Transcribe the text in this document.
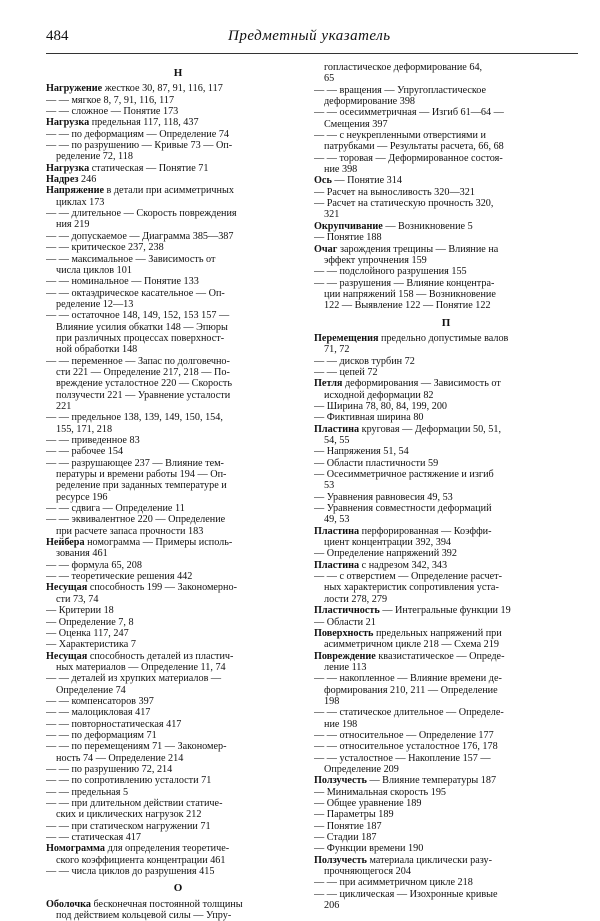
484	Предметный указатель
Н
Нагружение жесткое 30, 87, 91, 116, 117
— — мягкое 8, 7, 91, 116, 117
— — сложное — Понятие 173
Нагрузка предельная 117, 118, 437
— — по деформациям — Определение 74
— — по разрушению — Кривые 73 — Оп-
ределение 72, 118
Нагрузка статическая — Понятие 71
Надрез 246
Напряжение в детали при асимметричных
циклах 173
— — длительное — Скорость повреждения
ния 219
— — допускаемое — Диаграмма 385—387
— — критическое 237, 238
— — максимальное — Зависимость от
числа циклов 101
— — номинальное — Понятие 133
— — октаэдрическое касательное — Оп-
ределение 12—13
— — остаточное 148, 149, 152, 153 157 —
Влияние усилия обкатки 148 — Эпюры
при различных процессах поверхност-
ной обработки 148
— — переменное — Запас по долговечно-
сти 221 — Определение 217, 218 — По-
вреждение усталостное 220 — Скорость
ползучести 221 — Уравнение усталости
221
— — предельное 138, 139, 149, 150, 154,
155, 171, 218
— — приведенное 83
— — рабочее 154
— — разрушающее 237 — Влияние тем-
пературы и времени работы 194 — Оп-
ределение при заданных температуре и
ресурсе 196
— — сдвига — Определение 11
— — эквивалентное 220 — Определение
при расчете запаса прочности 183
Нейбера номограмма — Примеры исполь-
зования 461
— — формула 65, 208
— — теоретические решения 442
Несущая способность 199 — Закономерно-
сти 73, 74
— Критерии 18
— Определение 7, 8
— Оценка 117, 247
— Характеристика 7
Несущая способность деталей из пластич-
ных материалов — Определение 11, 74
— — деталей из хрупких материалов —
Определение 74
— — компенсаторов 397
— — малоцикловая 417
— — повторностатическая 417
— — по деформациям 71
— — по перемещениям 71 — Закономер-
ность 74 — Определение 214
— — по разрушению 72, 214
— — по сопротивлению усталости 71
— — предельная 5
— — при длительном действии статиче-
ских и циклических нагрузок 212
— — при статическом нагружении 71
— — статическая 417
Номограмма для определения теоретиче-
ского коэффициента концентрации 461
— — числа циклов до разрушения 415
О
Оболочка бесконечная постоянной толщины
под действием кольцевой силы — Упру-
гопластическое деформирование 64,
65
— — вращения — Упругопластическое
деформирование 398
— — осесимметричная — Изгиб 61—64 —
Смещения 397
— — с неукрепленными отверстиями и
патрубками — Результаты расчета, 66, 68
— — торовая — Деформированное состоя-
ние 398
Ось — Понятие 314
— Расчет на выносливость 320—321
— Расчет на статическую прочность 320,
321
Окрупчивание — Возникновение 5
— Понятие 188
Очаг зарождения трещины — Влияние на
эффект упрочнения 159
— — подслойного разрушения 155
— — разрушения — Влияние концентра-
ции напряжений 158 — Возникновение
122 — Выявление 122 — Понятие 122
П
Перемещения предельно допустимые валов
71, 72
— — дисков турбин 72
— — цепей 72
Петля деформирования — Зависимость от
исходной деформации 82
— Ширина 78, 80, 84, 199, 200
— Фиктивная ширина 80
Пластина круговая — Деформации 50, 51,
54, 55
— Напряжения 51, 54
— Области пластичности 59
— Осесимметричное растяжение и изгиб
53
— Уравнения равновесия 49, 53
— Уравнения совместности деформаций
49, 53
Пластина перфорированная — Коэффи-
циент концентрации 392, 394
— Определение напряжений 392
Пластина с надрезом 342, 343
— — с отверстием — Определение расчет-
ных характеристик сопротивления уста-
лости 278, 279
Пластичность — Интегральные функции 19
— Области 21
Поверхность предельных напряжений при
асимметричном цикле 218 — Схема 219
Повреждение квазистатическое — Опреде-
ление 113
— — накопленное — Влияние времени де-
формирования 210, 211 — Определение
198
— — статическое длительное — Определе-
ние 198
— — относительное — Определение 177
— — относительное усталостное 176, 178
— — усталостное — Накопление 157 —
Определение 209
Ползучесть — Влияние температуры 187
— Минимальная скорость 195
— Общее уравнение 189
— Параметры 189
— Понятие 187
— Стадии 187
— Функции времени 190
Ползучесть материала циклически разу-
прочняющегося 204
— — при асимметричном цикле 218
— — циклическая — Изохронные кривые
206
